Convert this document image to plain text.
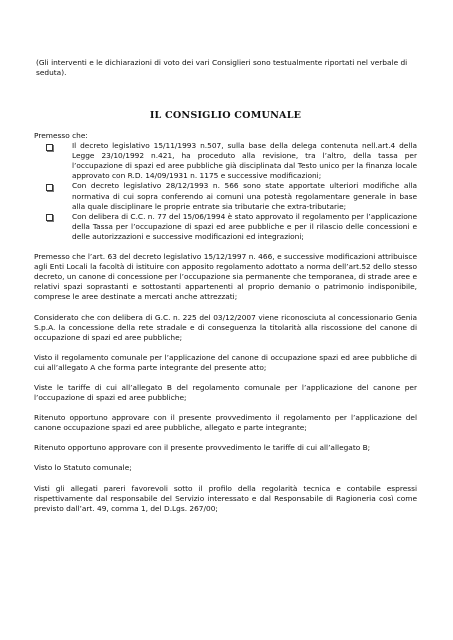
(Gli interventi e le dichiarazioni di voto dei vari Consiglieri sono testualmente riportati nel verbale di seduta).

IL CONSIGLIO COMUNALE

Premesso che:

Il decreto legislativo 15/11/1993 n.507, sulla base della delega contenuta nell.art.4 della Legge 23/10/1992 n.421, ha proceduto alla revisione, tra l’altro, della tassa per l’occupazione di spazi ed aree pubbliche già disciplinata dal Testo unico per la finanza locale approvato con R.D. 14/09/1931 n. 1175 e successive modificazioni;
Con decreto legislativo 28/12/1993 n. 566 sono state apportate ulteriori modifiche alla normativa di cui sopra conferendo ai comuni una potestà regolamentare generale in base alla quale disciplinare le proprie entrate sia tributarie che extra-tributarie;
Con delibera di C.C. n. 77 del 15/06/1994 è stato approvato il regolamento per l’applicazione della Tassa per l’occupazione di spazi ed aree pubbliche e per il rilascio delle concessioni e delle autorizzazioni e successive modificazioni ed integrazioni;

Premesso che l’art. 63 del decreto legislativo 15/12/1997 n. 466, e successive modificazioni attribuisce agli Enti Locali la facoltà di istituire con apposito regolamento adottato a norma dell’art.52 dello stesso decreto, un canone di concessione per l’occupazione sia permanente che temporanea, di strade aree e relativi spazi soprastanti e sottostanti appartenenti al proprio demanio o patrimonio indisponibile, comprese le aree destinate a mercati anche attrezzati;

Considerato che con delibera di G.C. n. 225 del 03/12/2007 viene riconosciuta al concessionario Genia S.p.A. la concessione della rete stradale e di conseguenza la titolarità alla riscossione del canone di occupazione di spazi ed aree pubbliche;

Visto il regolamento comunale per l’applicazione del canone di occupazione spazi ed aree pubbliche di cui all’allegato A che forma parte integrante del presente atto;

Viste le tariffe di cui all’allegato B del regolamento comunale per l’applicazione del canone per l’occupazione di spazi ed aree pubbliche;

Ritenuto opportuno approvare con il presente provvedimento il regolamento per l’applicazione del canone occupazione spazi ed aree pubbliche, allegato e parte integrante;

Ritenuto opportuno approvare con il presente provvedimento le tariffe di cui all’allegato B;

Visto lo Statuto comunale;

Visti gli allegati pareri favorevoli sotto il profilo della regolarità tecnica e contabile espressi rispettivamente dal responsabile del Servizio interessato e dal Responsabile di Ragioneria così come previsto dall’art. 49, comma 1, del D.Lgs. 267/00;
